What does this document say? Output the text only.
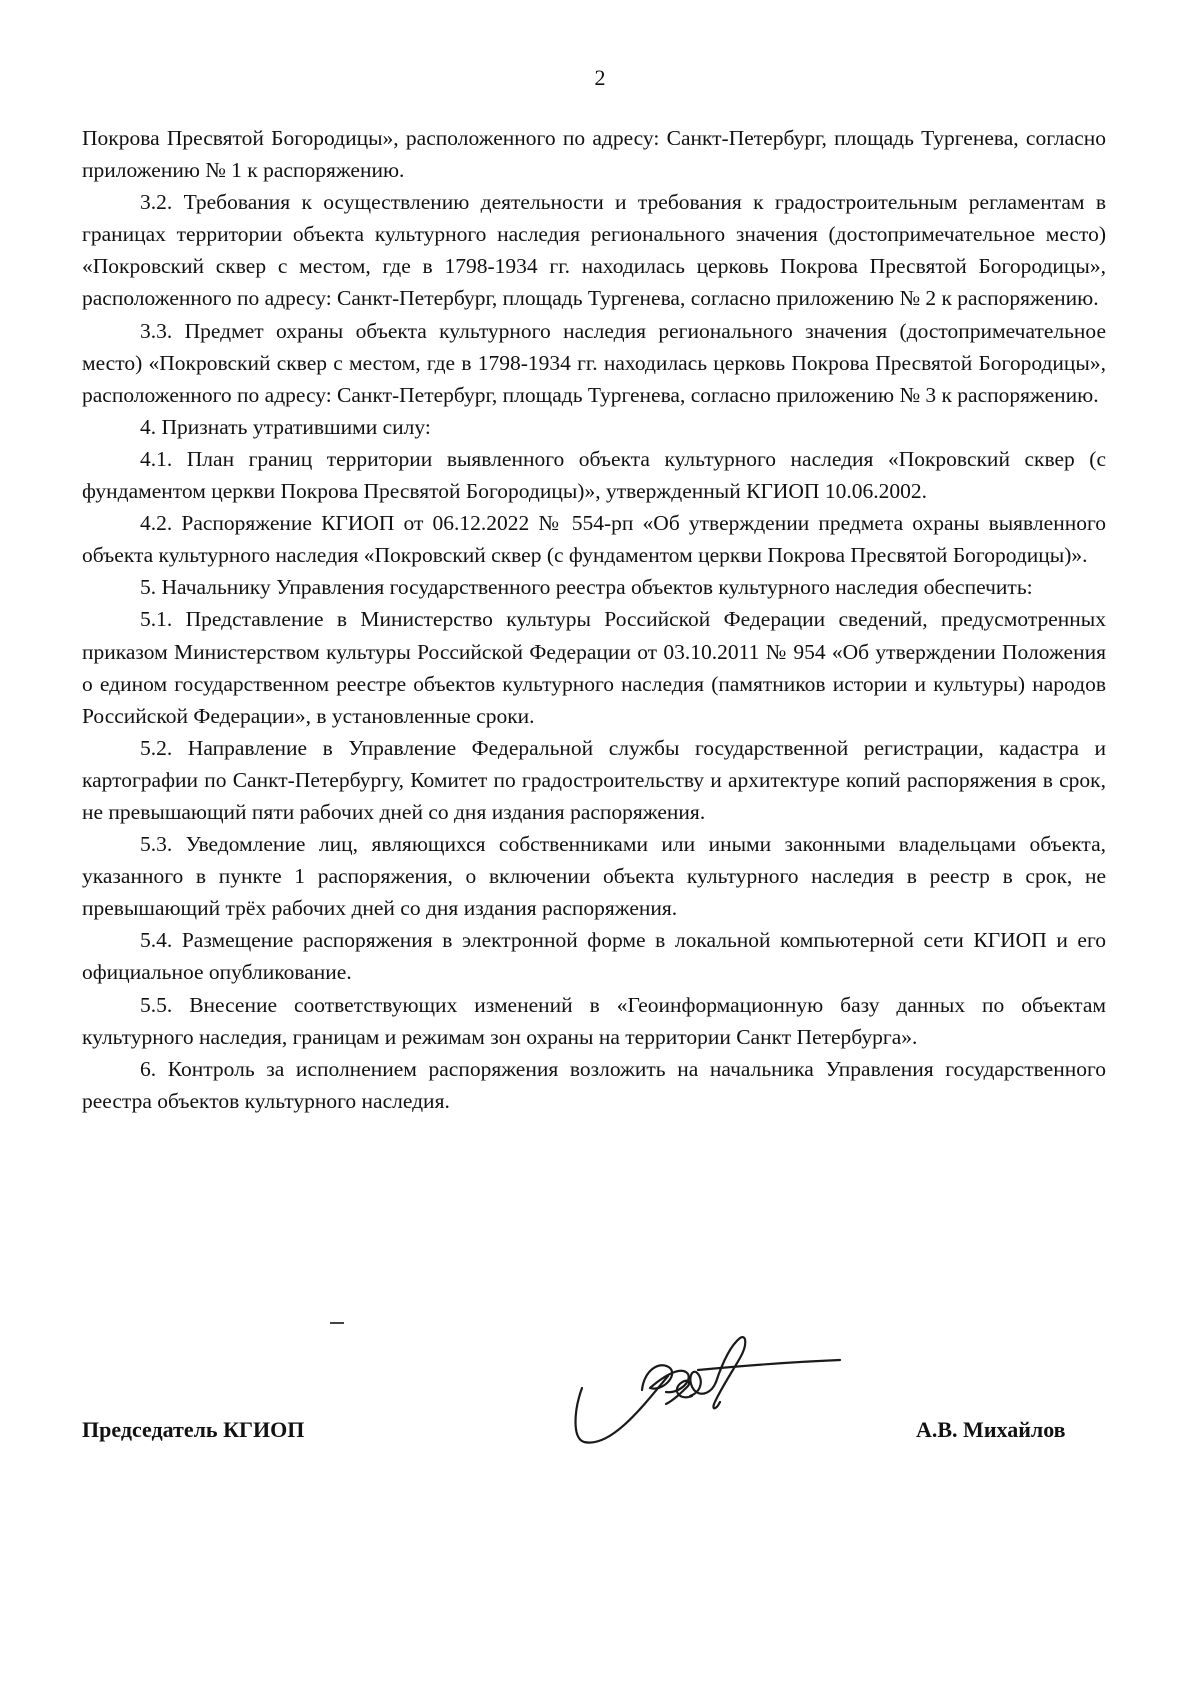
2

Покрова Пресвятой Богородицы», расположенного по адресу: Санкт-Петербург, площадь Тургенева, согласно приложению № 1 к распоряжению.

3.2. Требования к осуществлению деятельности и требования к градостроительным регламентам в границах территории объекта культурного наследия регионального значения (достопримечательное место) «Покровский сквер с местом, где в 1798-1934 гг. находилась церковь Покрова Пресвятой Богородицы», расположенного по адресу: Санкт-Петербург, площадь Тургенева, согласно приложению № 2 к распоряжению.

3.3. Предмет охраны объекта культурного наследия регионального значения (достопримечательное место) «Покровский сквер с местом, где в 1798-1934 гг. находилась церковь Покрова Пресвятой Богородицы», расположенного по адресу: Санкт-Петербург, площадь Тургенева, согласно приложению № 3 к распоряжению.

4. Признать утратившими силу:

4.1. План границ территории выявленного объекта культурного наследия «Покровский сквер (с фундаментом церкви Покрова Пресвятой Богородицы)», утвержденный КГИОП 10.06.2002.

4.2. Распоряжение КГИОП от 06.12.2022 № 554-рп «Об утверждении предмета охраны выявленного объекта культурного наследия «Покровский сквер (с фундаментом церкви Покрова Пресвятой Богородицы)».

5. Начальнику Управления государственного реестра объектов культурного наследия обеспечить:

5.1. Представление в Министерство культуры Российской Федерации сведений, предусмотренных приказом Министерством культуры Российской Федерации от 03.10.2011 № 954 «Об утверждении Положения о едином государственном реестре объектов культурного наследия (памятников истории и культуры) народов Российской Федерации», в установленные сроки.

5.2. Направление в Управление Федеральной службы государственной регистрации, кадастра и картографии по Санкт-Петербургу, Комитет по градостроительству и архитектуре копий распоряжения в срок, не превышающий пяти рабочих дней со дня издания распоряжения.

5.3. Уведомление лиц, являющихся собственниками или иными законными владельцами объекта, указанного в пункте 1 распоряжения, о включении объекта культурного наследия в реестр в срок, не превышающий трёх рабочих дней со дня издания распоряжения.

5.4. Размещение распоряжения в электронной форме в локальной компьютерной сети КГИОП и его официальное опубликование.

5.5. Внесение соответствующих изменений в «Геоинформационную базу данных по объектам культурного наследия, границам и режимам зон охраны на территории Санкт Петербурга».

6. Контроль за исполнением распоряжения возложить на начальника Управления государственного реестра объектов культурного наследия.

Председатель КГИОП	А.В. Михайлов
